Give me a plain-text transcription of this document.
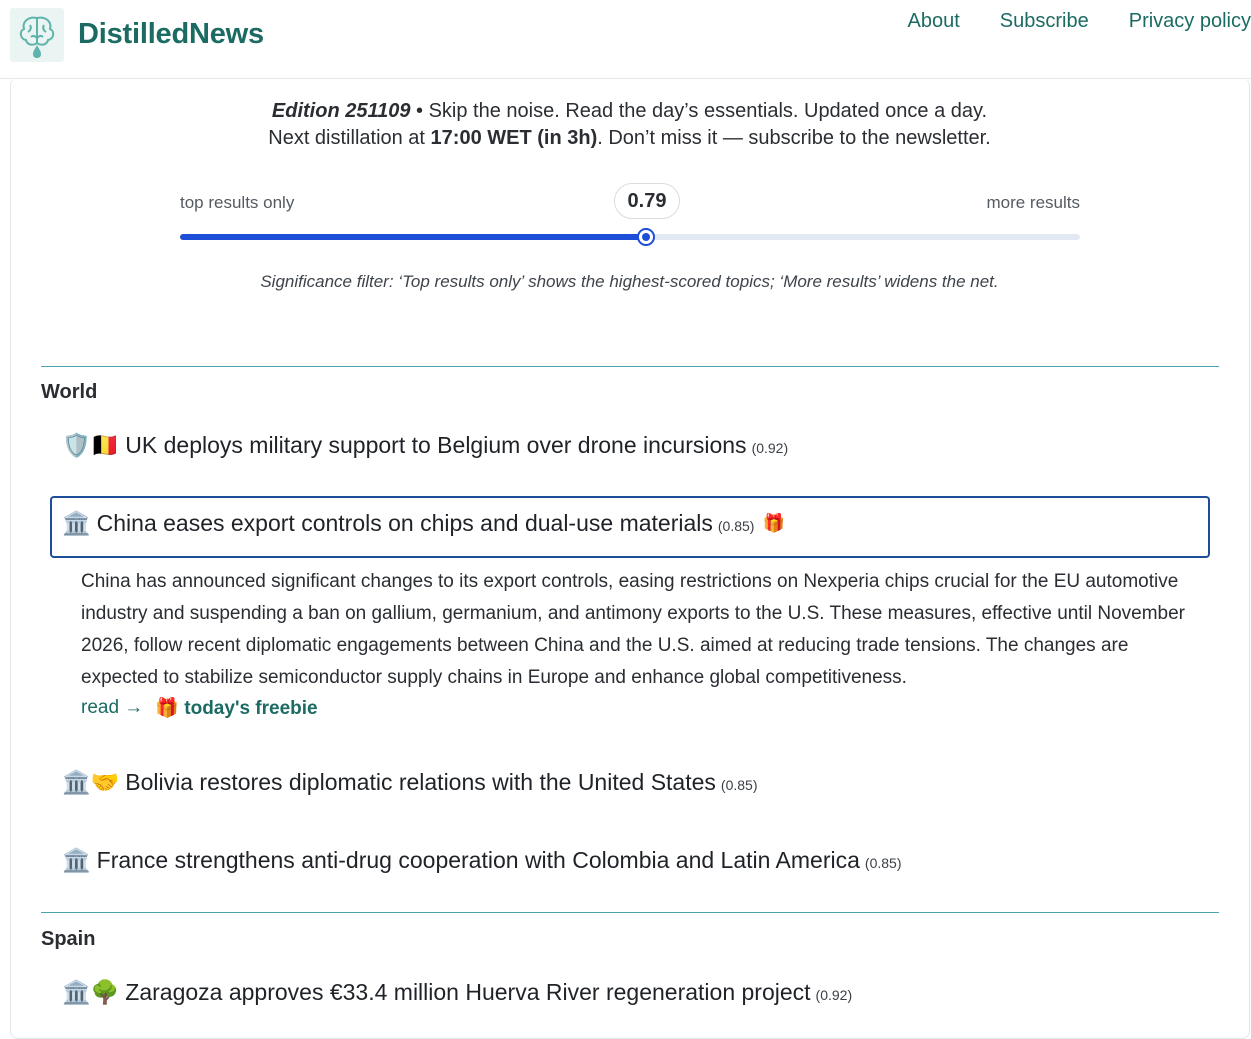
DistilledNews	About Subscribe Privacy policy
Edition 251109 • Skip the noise. Read the day’s essentials. Updated once a day.
Next distillation at 17:00 WET (in 3h). Don’t miss it — subscribe to the newsletter.
top results only	more results
0.79
Significance filter: ‘Top results only’ shows the highest-scored topics; ‘More results’ widens the net.
World
🛡️🇧🇪 UK deploys military support to Belgium over drone incursions (0.92)
🏛️ China eases export controls on chips and dual-use materials (0.85) 🎁
China has announced significant changes to its export controls, easing restrictions on Nexperia chips crucial for the EU automotive industry and suspending a ban on gallium, germanium, and antimony exports to the U.S. These measures, effective until November 2026, follow recent diplomatic engagements between China and the U.S. aimed at reducing trade tensions. The changes are expected to stabilize semiconductor supply chains in Europe and enhance global competitiveness.
read → 🎁 today's freebie
🏛️🤝 Bolivia restores diplomatic relations with the United States (0.85)
🏛️ France strengthens anti-drug cooperation with Colombia and Latin America (0.85)
Spain
🏛️🌳 Zaragoza approves €33.4 million Huerva River regeneration project (0.92)
